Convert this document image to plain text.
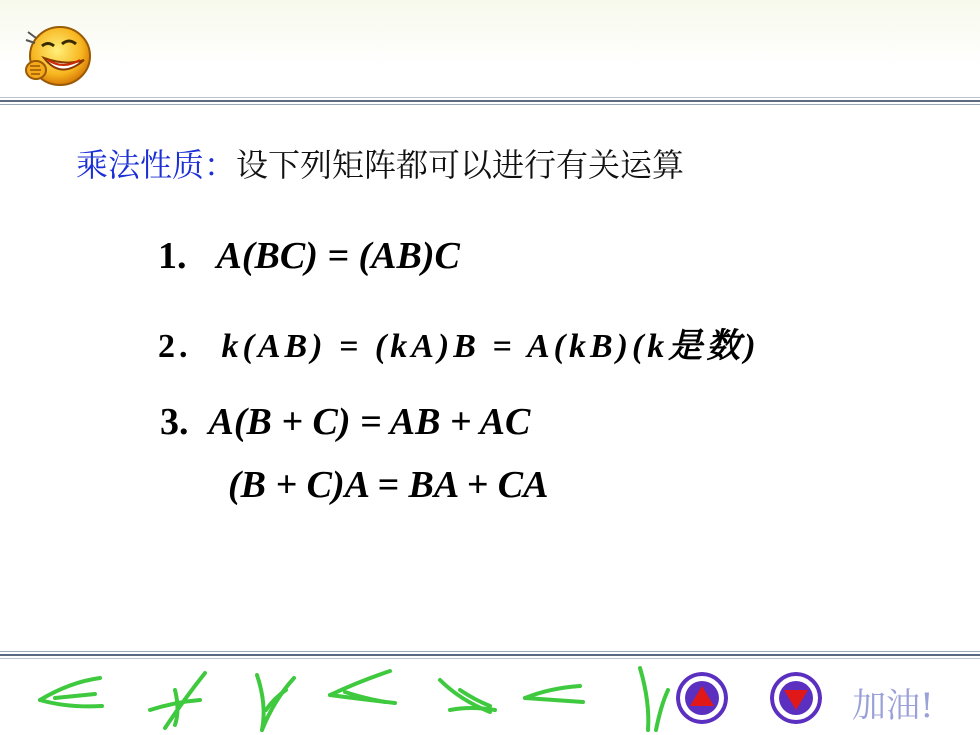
乘法性质：设下列矩阵都可以进行有关运算
1. A(BC) = (AB)C
2. k(AB) = (kA)B = A(kB)(k是数)
3. A(B + C) = AB + AC
(B + C)A = BA + CA
加油!
